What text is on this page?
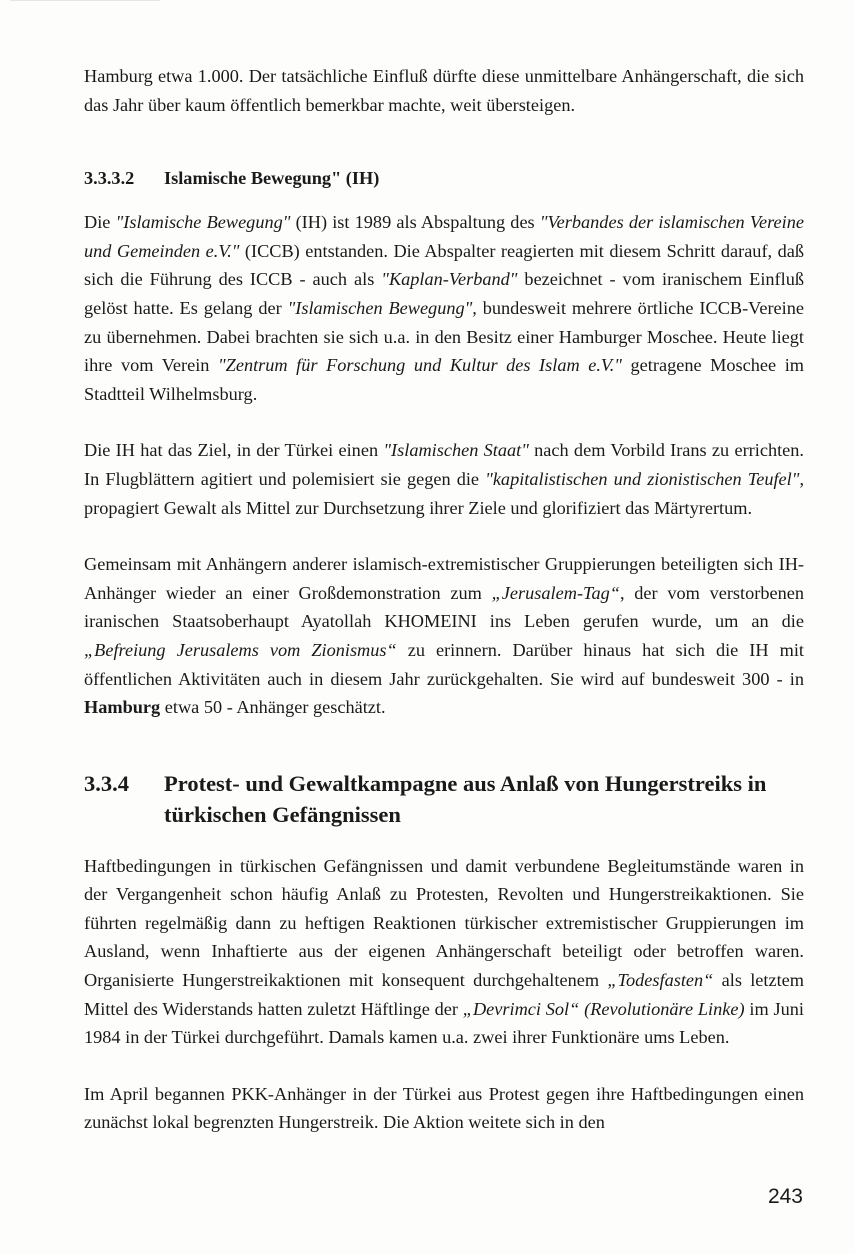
Hamburg etwa 1.000. Der tatsächliche Einfluß dürfte diese unmittelbare Anhängerschaft, die sich das Jahr über kaum öffentlich bemerkbar machte, weit übersteigen.

3.3.3.2 Islamische Bewegung" (IH)

Die "Islamische Bewegung" (IH) ist 1989 als Abspaltung des "Verbandes der islamischen Vereine und Gemeinden e.V." (ICCB) entstanden. Die Abspalter reagierten mit diesem Schritt darauf, daß sich die Führung des ICCB - auch als "Kaplan-Verband" bezeichnet - vom iranischem Einfluß gelöst hatte. Es gelang der "Islamischen Bewegung", bundesweit mehrere örtliche ICCB-Vereine zu übernehmen. Dabei brachten sie sich u.a. in den Besitz einer Hamburger Moschee. Heute liegt ihre vom Verein "Zentrum für Forschung und Kultur des Islam e.V." getragene Moschee im Stadtteil Wilhelmsburg.

Die IH hat das Ziel, in der Türkei einen "Islamischen Staat" nach dem Vorbild Irans zu errichten. In Flugblättern agitiert und polemisiert sie gegen die "kapitalistischen und zionistischen Teufel", propagiert Gewalt als Mittel zur Durchsetzung ihrer Ziele und glorifiziert das Märtyrertum.

Gemeinsam mit Anhängern anderer islamisch-extremistischer Gruppierungen beteiligten sich IH-Anhänger wieder an einer Großdemonstration zum „Jerusalem-Tag“, der vom verstorbenen iranischen Staatsoberhaupt Ayatollah KHOMEINI ins Leben gerufen wurde, um an die „Befreiung Jerusalems vom Zionismus“ zu erinnern. Darüber hinaus hat sich die IH mit öffentlichen Aktivitäten auch in diesem Jahr zurückgehalten. Sie wird auf bundesweit 300 - in Hamburg etwa 50 - Anhänger geschätzt.

3.3.4	Protest- und Gewaltkampagne aus Anlaß von Hungerstreiks in türkischen Gefängnissen

Haftbedingungen in türkischen Gefängnissen und damit verbundene Begleitumstände waren in der Vergangenheit schon häufig Anlaß zu Protesten, Revolten und Hungerstreikaktionen. Sie führten regelmäßig dann zu heftigen Reaktionen türkischer extremistischer Gruppierungen im Ausland, wenn Inhaftierte aus der eigenen Anhängerschaft beteiligt oder betroffen waren. Organisierte Hungerstreikaktionen mit konsequent durchgehaltenem „Todesfasten“ als letztem Mittel des Widerstands hatten zuletzt Häftlinge der „Devrimci Sol“ (Revolutionäre Linke) im Juni 1984 in der Türkei durchgeführt. Damals kamen u.a. zwei ihrer Funktionäre ums Leben.

Im April begannen PKK-Anhänger in der Türkei aus Protest gegen ihre Haftbedingungen einen zunächst lokal begrenzten Hungerstreik. Die Aktion weitete sich in den

243
